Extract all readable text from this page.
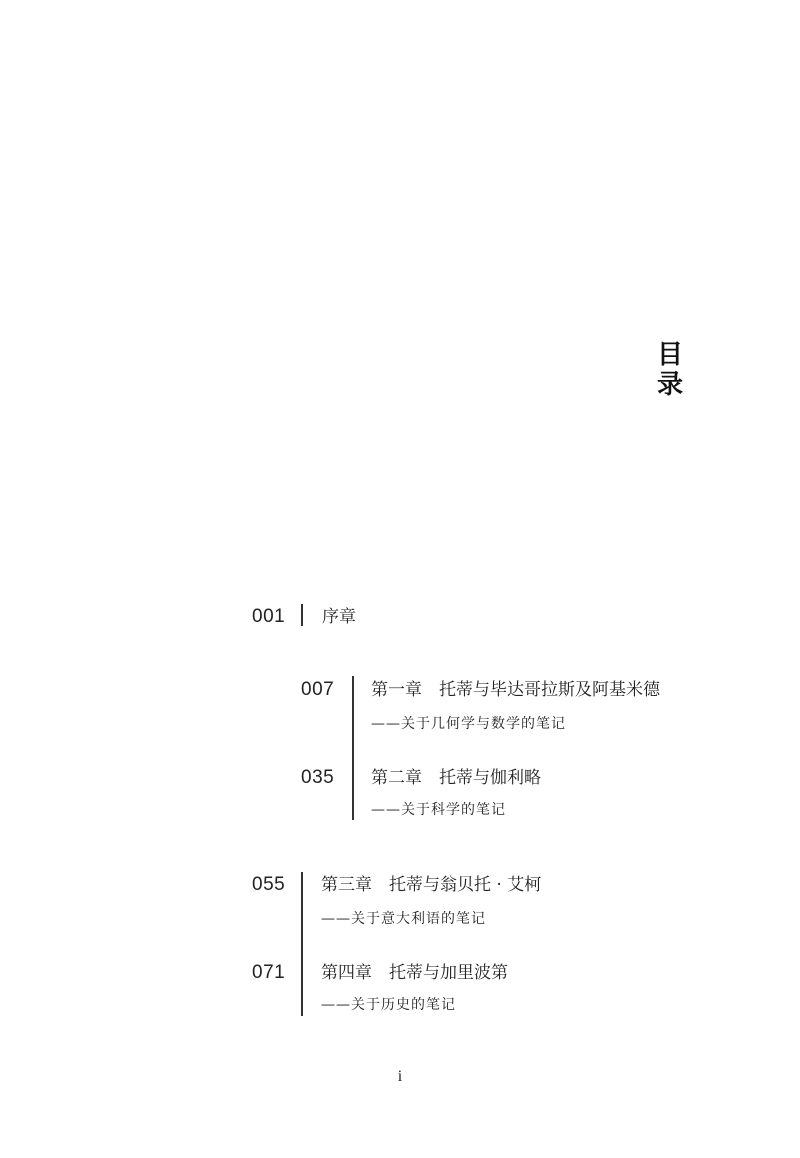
目
录
001 序章
007 第一章　托蒂与毕达哥拉斯及阿基米德
——关于几何学与数学的笔记
035 第二章　托蒂与伽利略
——关于科学的笔记
055 第三章　托蒂与翁贝托 · 艾柯
——关于意大利语的笔记
071 第四章　托蒂与加里波第
——关于历史的笔记
i
